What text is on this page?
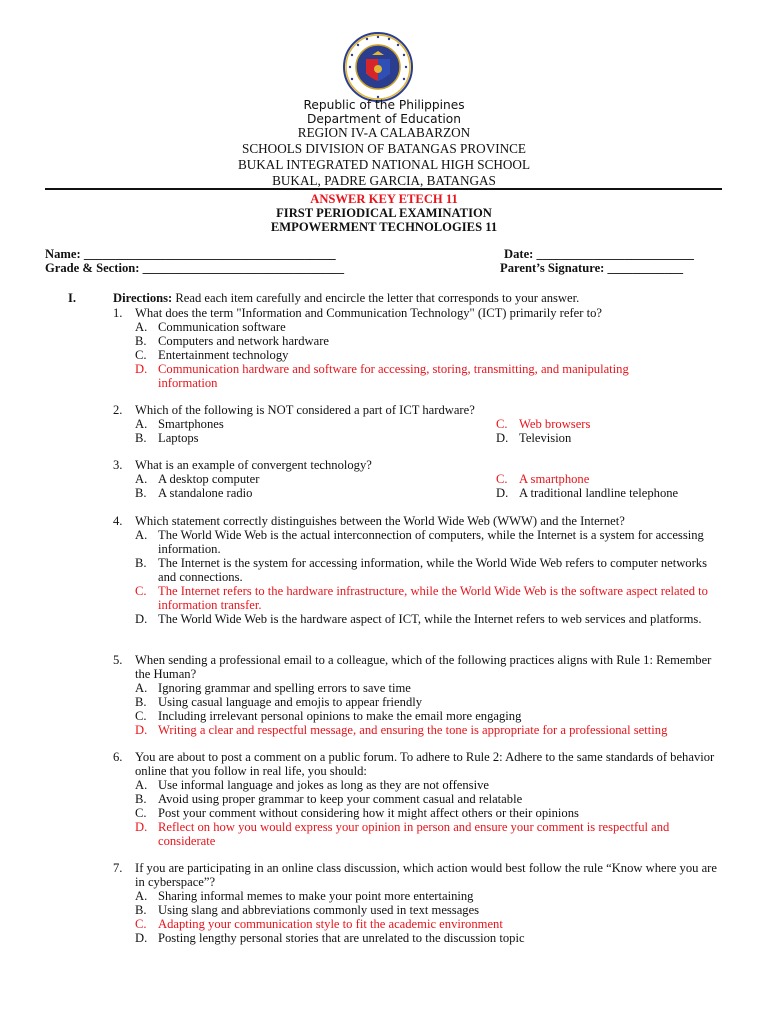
Republic of the Philippines
Department of Education
REGION IV-A CALABARZON
SCHOOLS DIVISION OF BATANGAS PROVINCE
BUKAL INTEGRATED NATIONAL HIGH SCHOOL
BUKAL, PADRE GARCIA, BATANGAS
ANSWER KEY ETECH 11
FIRST PERIODICAL EXAMINATION
EMPOWERMENT TECHNOLOGIES 11
Name: ________________________________________	Date: _________________________
Grade & Section: ________________________________	Parent’s Signature: ____________
I.	Directions: Read each item carefully and encircle the letter that corresponds to your answer.
1. What does the term "Information and Communication Technology" (ICT) primarily refer to?
A. Communication software
B. Computers and network hardware
C. Entertainment technology
D. Communication hardware and software for accessing, storing, transmitting, and manipulating information
2. Which of the following is NOT considered a part of ICT hardware?
A. Smartphones	C. Web browsers
B. Laptops	D. Television
3. What is an example of convergent technology?
A. A desktop computer	C. A smartphone
B. A standalone radio	D. A traditional landline telephone
4. Which statement correctly distinguishes between the World Wide Web (WWW) and the Internet?
A. The World Wide Web is the actual interconnection of computers, while the Internet is a system for accessing information.
B. The Internet is the system for accessing information, while the World Wide Web refers to computer networks and connections.
C. The Internet refers to the hardware infrastructure, while the World Wide Web is the software aspect related to information transfer.
D. The World Wide Web is the hardware aspect of ICT, while the Internet refers to web services and platforms.
5. When sending a professional email to a colleague, which of the following practices aligns with Rule 1: Remember the Human?
A. Ignoring grammar and spelling errors to save time
B. Using casual language and emojis to appear friendly
C. Including irrelevant personal opinions to make the email more engaging
D. Writing a clear and respectful message, and ensuring the tone is appropriate for a professional setting
6. You are about to post a comment on a public forum. To adhere to Rule 2: Adhere to the same standards of behavior online that you follow in real life, you should:
A. Use informal language and jokes as long as they are not offensive
B. Avoid using proper grammar to keep your comment casual and relatable
C. Post your comment without considering how it might affect others or their opinions
D. Reflect on how you would express your opinion in person and ensure your comment is respectful and considerate
7. If you are participating in an online class discussion, which action would best follow the rule “Know where you are in cyberspace”?
A. Sharing informal memes to make your point more entertaining
B. Using slang and abbreviations commonly used in text messages
C. Adapting your communication style to fit the academic environment
D. Posting lengthy personal stories that are unrelated to the discussion topic
